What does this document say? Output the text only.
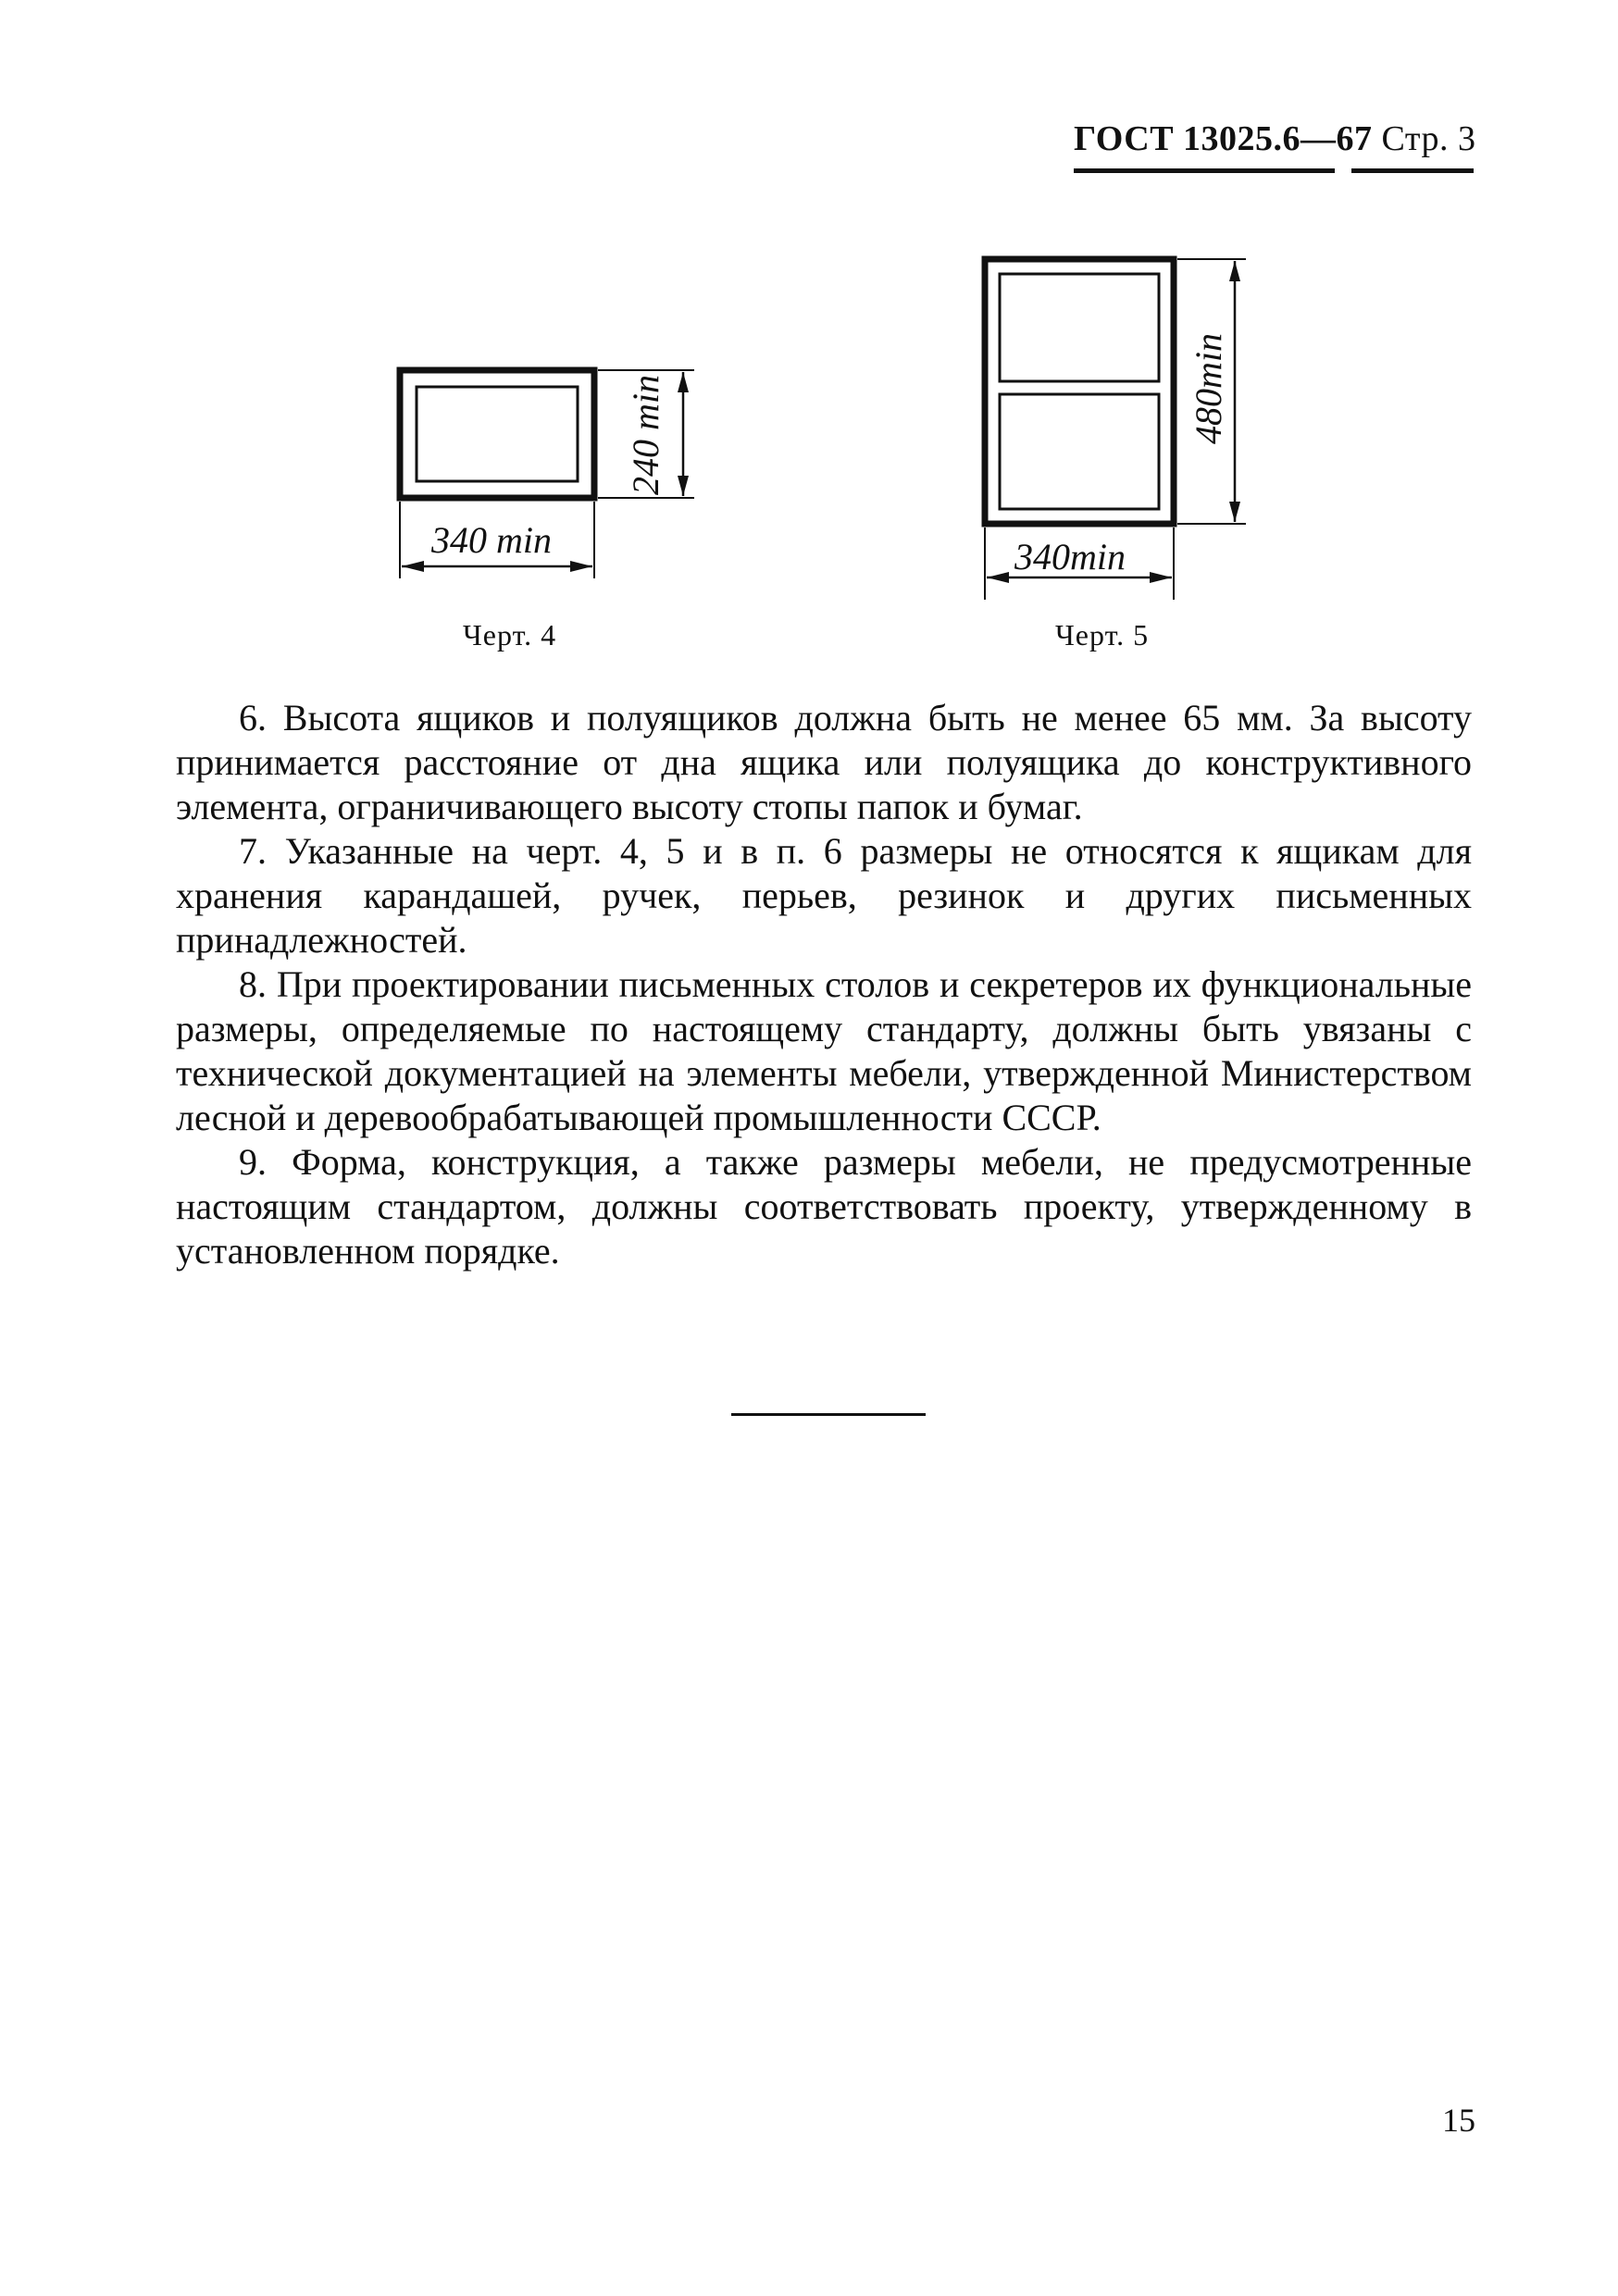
ГОСТ 13025.6—67 Стр. 3
340 min
240 min
Черт. 4
340min
480min
Черт. 5

6. Высота ящиков и полуящиков должна быть не менее 65 мм. За высоту принимается расстояние от дна ящика или полуящика до конструктивного элемента, ограничивающего высоту стопы папок и бумаг.

7. Указанные на черт. 4, 5 и в п. 6 размеры не относятся к ящикам для хранения карандашей, ручек, перьев, резинок и других письменных принадлежностей.

8. При проектировании письменных столов и секретеров их функциональные размеры, определяемые по настоящему стандарту, должны быть увязаны с технической документацией на элементы мебели, утвержденной Министерством лесной и деревообрабатывающей промышленности СССР.

9. Форма, конструкция, а также размеры мебели, не предусмотренные настоящим стандартом, должны соответствовать проекту, утвержденному в установленном порядке.

15
